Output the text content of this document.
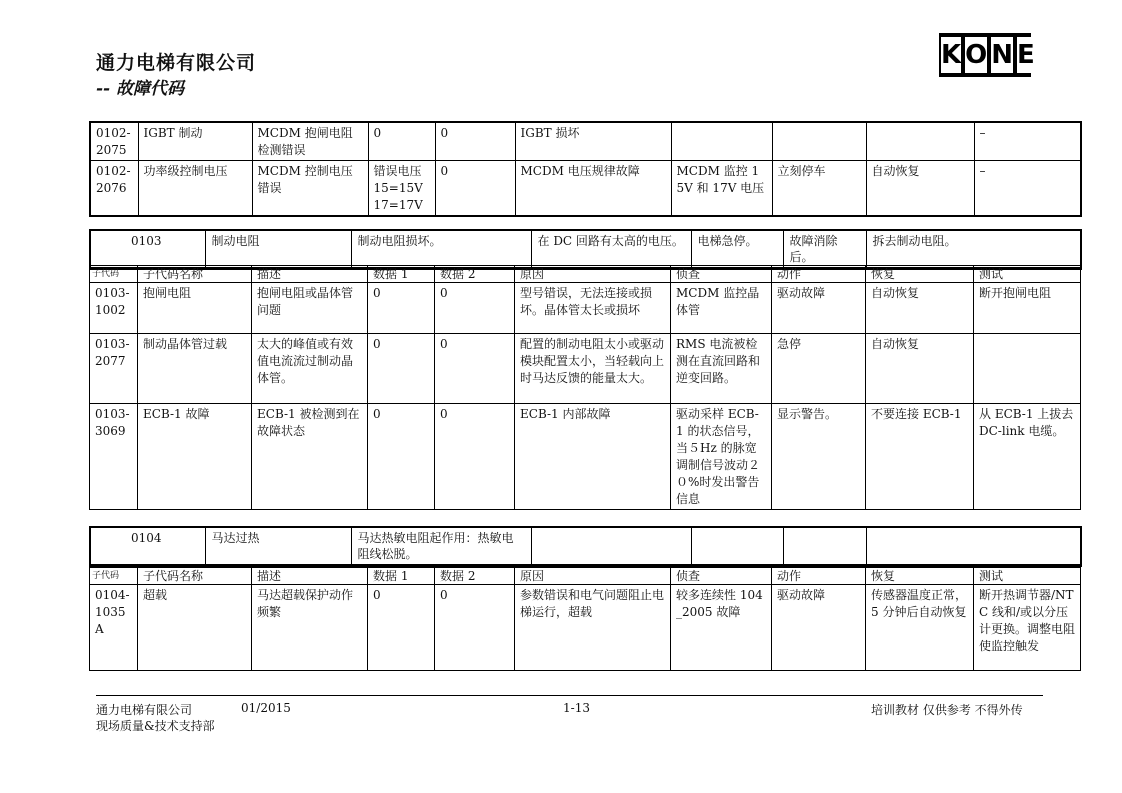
通力电梯有限公司
-- 故障代码
K O N E
0102-2075	IGBT 制动	MCDM 抱闸电阻检测错误	0	0	IGBT 损坏				–
0102-2076	功率级控制电压	MCDM 控制电压错误	错误电压 15=15V 17=17V	0	MCDM 电压规律故障	MCDM 监控 15V 和 17V 电压	立刻停车	自动恢复	–
0103	制动电阻	制动电阻损坏。	在 DC 回路有太高的电压。	电梯急停。	故障消除后。	拆去制动电阻。
子代码	子代码名称	描述	数据 1	数据 2	原因	侦查	动作	恢复	测试
0103-1002	抱闸电阻	抱闸电阻或晶体管问题	0	0	型号错误，无法连接或损坏。晶体管太长或损坏	MCDM 监控晶体管	驱动故障	自动恢复	断开抱闸电阻
0103-2077	制动晶体管过载	太大的峰值或有效值电流流过制动晶体管。	0	0	配置的制动电阻太小或驱动模块配置太小，当轻载向上时马达反馈的能量太大。	RMS 电流被检测在直流回路和逆变回路。	急停	自动恢复	
0103-3069	ECB-1 故障	ECB-1 被检测到在故障状态	0	0	ECB-1 内部故障	驱动采样 ECB-1 的状态信号，当５Hz 的脉宽调制信号波动２０%时发出警告信息	显示警告。	不要连接 ECB-1	从 ECB-1 上拔去 DC-link 电缆。
0104	马达过热	马达热敏电阻起作用：热敏电阻线松脱。				
子代码	子代码名称	描述	数据 1	数据 2	原因	侦查	动作	恢复	测试
0104-1035A	超载	马达超载保护动作频繁	0	0	参数错误和电气问题阻止电梯运行，超载	较多连续性 104_2005 故障	驱动故障	传感器温度正常，5 分钟后自动恢复	断开热调节器/NTC 线和/或以分压计更换。调整电阻使监控触发
通力电梯有限公司	01/2015	1-13	培训教材 仅供参考 不得外传
现场质量&技术支持部
